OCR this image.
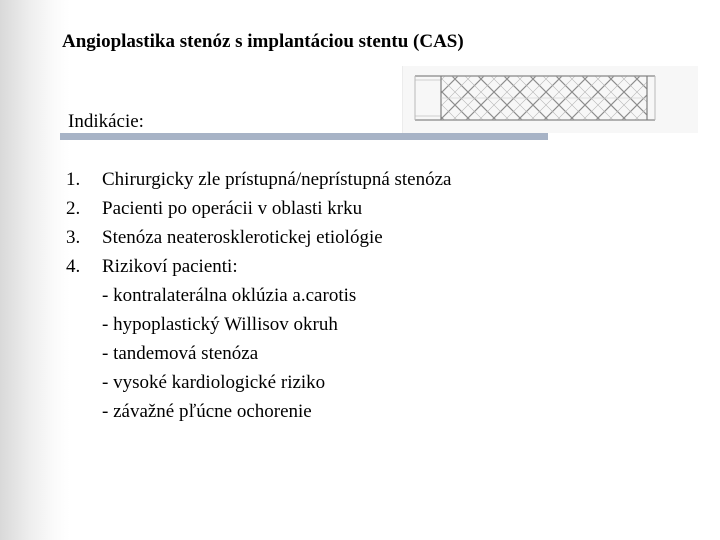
Angioplastika stenóz s implantáciou stentu (CAS)
Indikácie:
1.	Chirurgicky zle prístupná/neprístupná stenóza
2.	Pacienti po operácii v oblasti krku
3.	Stenóza neaterosklerotickej etiológie
4.	Rizikoví pacienti:
- kontralaterálna oklúzia a.carotis
- hypoplastický Willisov okruh
- tandemová stenóza
- vysoké kardiologické riziko
- závažné pľúcne ochorenie
